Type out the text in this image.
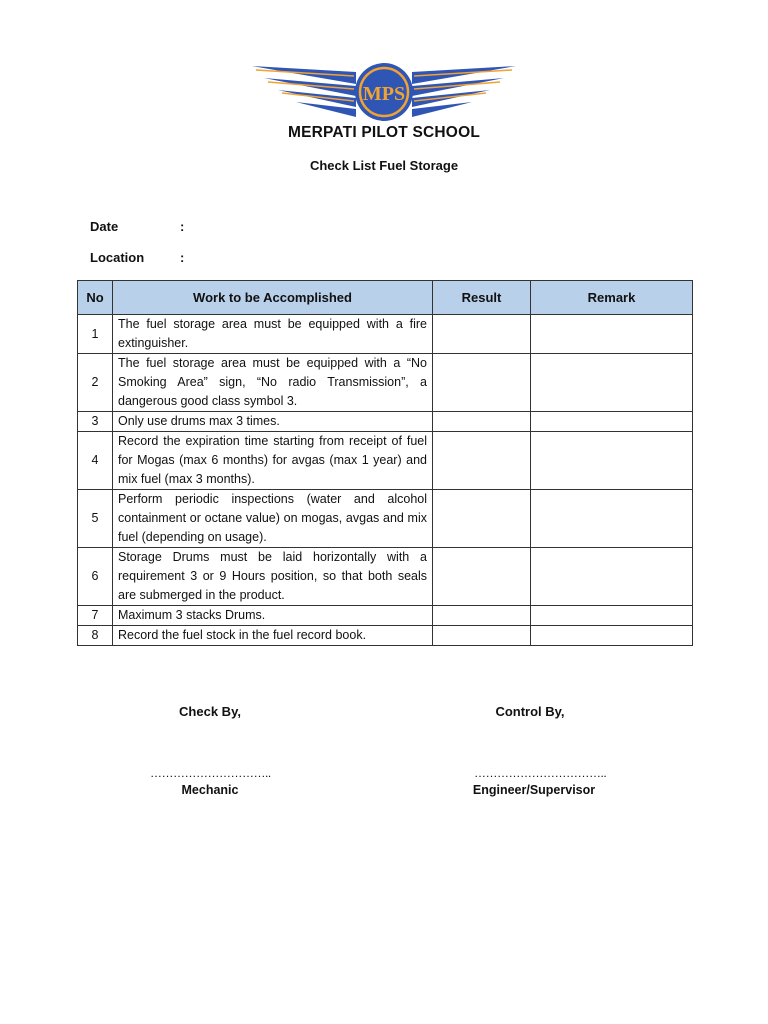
MPS
MERPATI PILOT SCHOOL
Check List Fuel Storage
Date	:
Location	:
No	Work to be Accomplished	Result	Remark
1	The fuel storage area must be equipped with a fire extinguisher.		
2	The fuel storage area must be equipped with a “No Smoking Area” sign, “No radio Transmission”, a dangerous good class symbol 3.		
3	Only use drums max 3 times.		
4	Record the expiration time starting from receipt of fuel for Mogas (max 6 months) for avgas (max 1 year) and mix fuel (max 3 months).		
5	Perform periodic inspections (water and alcohol containment or octane value) on mogas, avgas and mix fuel (depending on usage).		
6	Storage Drums must be laid horizontally with a requirement 3 or 9 Hours position, so that both seals are submerged in the product.		
7	Maximum 3 stacks Drums.		
8	Record the fuel stock in the fuel record book.		
Check By,	Control By,
…………………………..	……………………………..
Mechanic	Engineer/Supervisor
